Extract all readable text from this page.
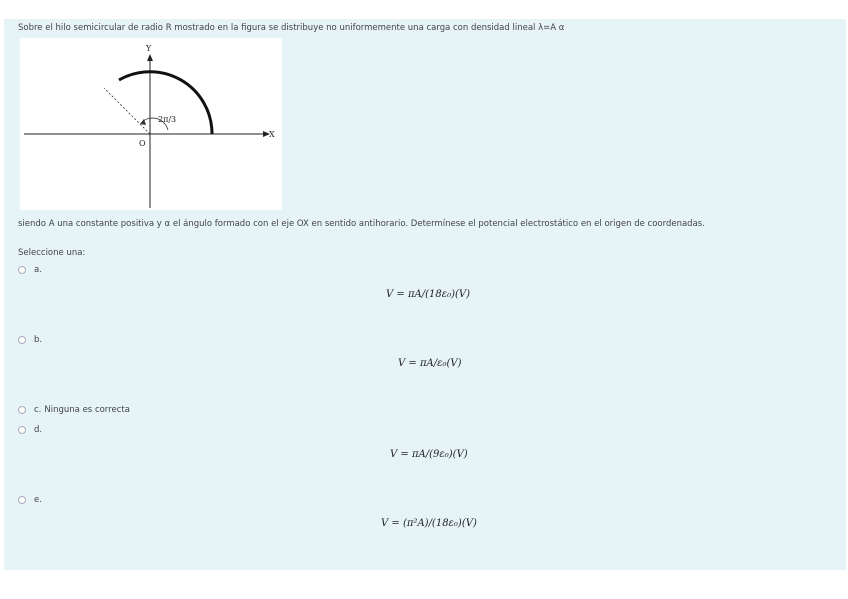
Sobre el hilo semicircular de radio R mostrado en la figura se distribuye no uniformemente una carga con densidad lineal λ=A α
Y
X
O
2π/3
siendo A una constante positiva y α el ángulo formado con el eje OX en sentido antihorario. Determínese el potencial electrostático en el origen de coordenadas.
Seleccione una:
a.
V = πA/(18ε₀)(V)
b.
V = πA/ε₀(V)
c. Ninguna es correcta
d.
V = πA/(9ε₀)(V)
e.
V = (π²A)/(18ε₀)(V)
